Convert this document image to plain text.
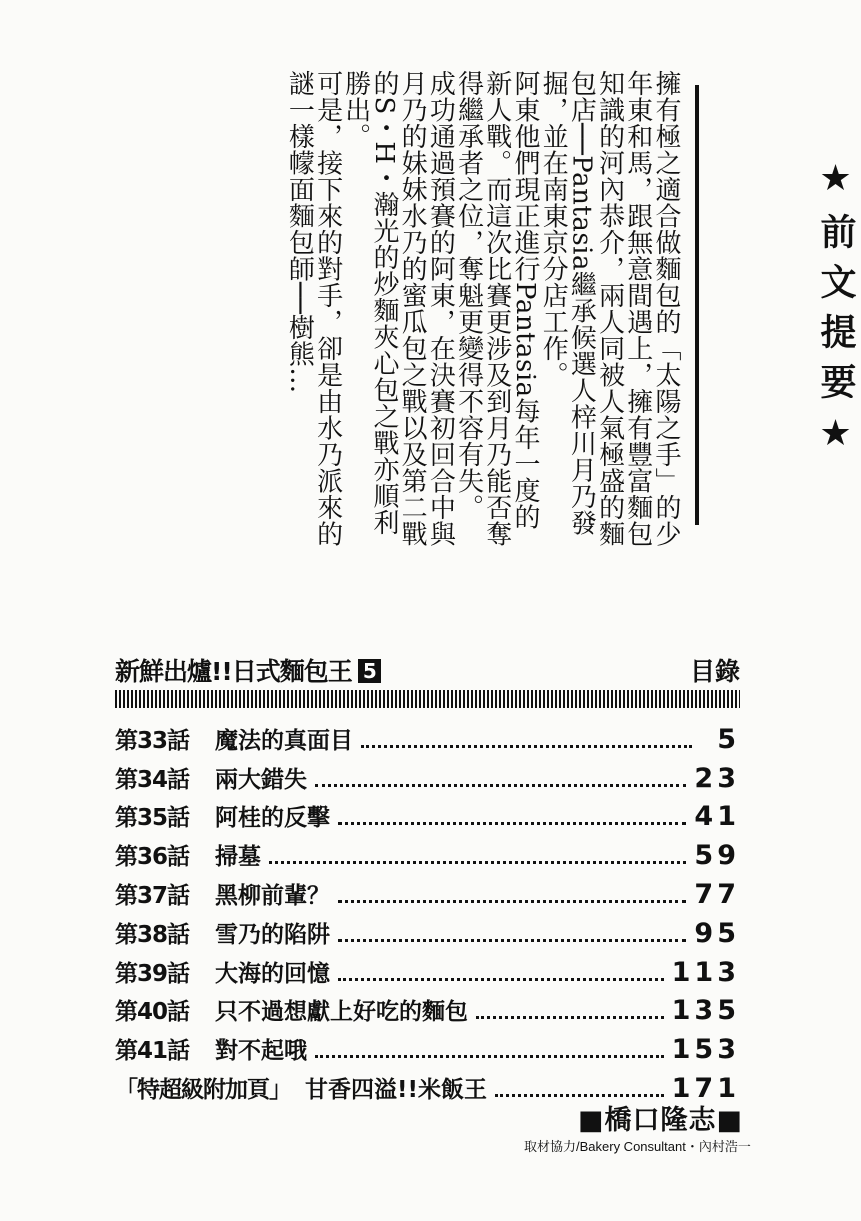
★前文提要★

擁有極之適合做麵包的「太陽之手」的少年東和馬，跟無意間遇上，擁有豐富麵包知識的河內恭介，兩人同被人氣極盛的麵包店──Pantasia繼承候選人梓川月乃發掘，並在南東京分店工作。

阿東他們現正進行Pantasia每年一度的新人戰。而這次比賽更涉及到月乃能否奪得繼承者之位，奪魁更變得不容有失。

成功通過預賽的阿東，在決賽初回合中與月乃的妹妹水乃的蜜瓜包之戰以及第二戰的S・H・瀚光的炒麵夾心包之戰亦順利勝出。

可是，接下來的對手，卻是由水乃派來的謎一樣幪面麵包師──樹熊…

新鮮出爐!!日式麵包王 5	目錄
第33話	魔法的真面目	5
第34話	兩大錯失	23
第35話	阿桂的反擊	41
第36話	掃墓	59
第37話	黑柳前輩？	77
第38話	雪乃的陷阱	95
第39話	大海的回憶	113
第40話	只不過想獻上好吃的麵包	135
第41話	對不起哦	153
「特超級附加頁」 甘香四溢!!米飯王	171
■橋口隆志■
取材協力/Bakery Consultant・內村浩一
